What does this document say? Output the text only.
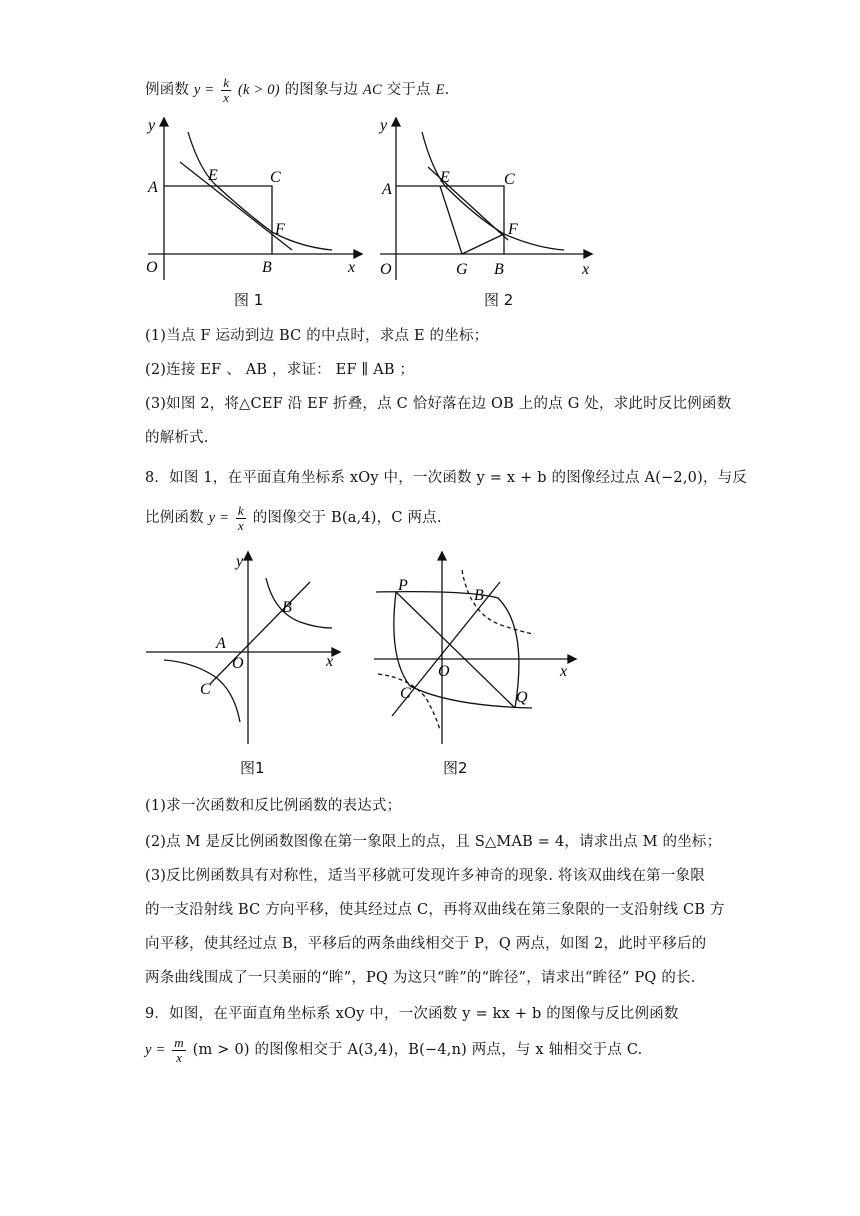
例函数 $y = \frac{k}{x} (k > 0)$ 的图象与边 AC 交于点 E.
y
x
O
A
B
C
E
F
图 1
y
x
O
A
B
C
E
F
G
图 2
(1)当点 F 运动到边 BC 的中点时，求点 E 的坐标；
(2)连接 EF 、 AB ，求证： EF ∥ AB ；
(3)如图 2，将△CEF 沿 EF 折叠，点 C 恰好落在边 OB 上的点 G 处，求此时反比例函数
的解析式.
8．如图 1，在平面直角坐标系 xOy 中，一次函数 y = x + b 的图像经过点 A(−2,0)，与反
比例函数 $y = \frac{k}{x}$ 的图像交于 B(a,4)，C 两点.
y
x
O
A
B
C
图1
P
B
C	Q
O	x
图2
(1)求一次函数和反比例函数的表达式；
(2)点 M 是反比例函数图像在第一象限上的点，且 S△MAB = 4，请求出点 M 的坐标；
(3)反比例函数具有对称性，适当平移就可发现许多神奇的现象. 将该双曲线在第一象限
的一支沿射线 BC 方向平移，使其经过点 C，再将双曲线在第三象限的一支沿射线 CB 方
向平移，使其经过点 B，平移后的两条曲线相交于 P，Q 两点，如图 2，此时平移后的
两条曲线围成了一只美丽的“眸”，PQ 为这只“眸”的“眸径”，请求出“眸径” PQ 的长.
9．如图，在平面直角坐标系 xOy 中，一次函数 y = kx + b 的图像与反比例函数
$y = \frac{m}{x} (m > 0)$ 的图像相交于 A(3,4)，B(−4,n) 两点，与 x 轴相交于点 C.
